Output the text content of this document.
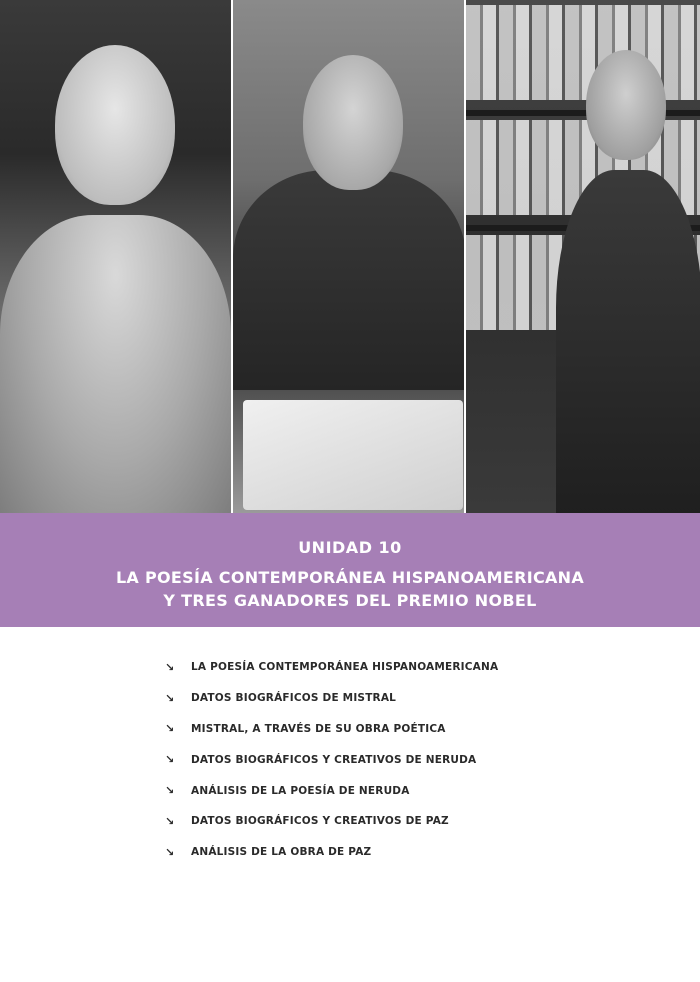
UNIDAD 10
LA POESÍA CONTEMPORÁNEA HISPANOAMERICANA
Y TRES GANADORES DEL PREMIO NOBEL
↘	LA POESÍA CONTEMPORÁNEA HISPANOAMERICANA
↘	DATOS BIOGRÁFICOS DE MISTRAL
↘	MISTRAL, A TRAVÉS DE SU OBRA POÉTICA
↘	DATOS BIOGRÁFICOS Y CREATIVOS DE NERUDA
↘	ANÁLISIS DE LA POESÍA DE NERUDA
↘	DATOS BIOGRÁFICOS Y CREATIVOS DE PAZ
↘	ANÁLISIS DE LA OBRA DE PAZ
